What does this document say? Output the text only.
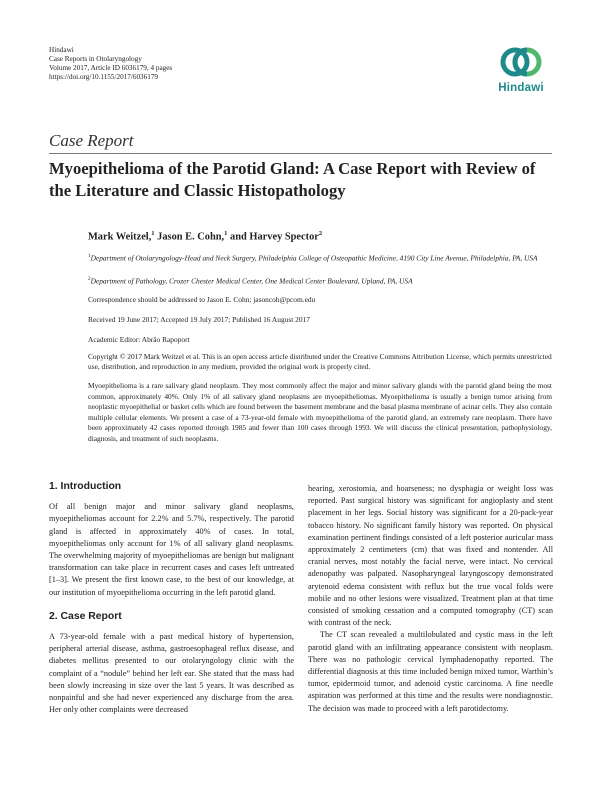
Hindawi
Case Reports in Otolaryngology
Volume 2017, Article ID 6036179, 4 pages
https://doi.org/10.1155/2017/6036179
Hindawi
Case Report
Myoepithelioma of the Parotid Gland: A Case Report with Review of the Literature and Classic Histopathology
Mark Weitzel,$^1$ Jason E. Cohn,$^1$ and Harvey Spector$^2$
$^1$Department of Otolaryngology-Head and Neck Surgery, Philadelphia College of Osteopathic Medicine, 4190 City Line Avenue, Philadelphia, PA, USA
$^2$Department of Pathology, Crozer Chester Medical Center, One Medical Center Boulevard, Upland, PA, USA
Correspondence should be addressed to Jason E. Cohn; jasoncoh@pcom.edu
Received 19 June 2017; Accepted 19 July 2017; Published 16 August 2017
Academic Editor: Abrão Rapoport
Copyright © 2017 Mark Weitzel et al. This is an open access article distributed under the Creative Commons Attribution License, which permits unrestricted use, distribution, and reproduction in any medium, provided the original work is properly cited.

Myoepithelioma is a rare salivary gland neoplasm. They most commonly affect the major and minor salivary glands with the parotid gland being the most common, approximately 40%. Only 1% of all salivary gland neoplasms are myoepitheliomas. Myoepithelioma is usually a benign tumor arising from neoplastic myoepithelial or basket cells which are found between the basement membrane and the basal plasma membrane of acinar cells. They also contain multiple cellular elements. We present a case of a 73-year-old female with myoepithelioma of the parotid gland, an extremely rare neoplasm. There have been approximately 42 cases reported through 1985 and fewer than 100 cases through 1993. We will discuss the clinical presentation, pathophysiology, diagnosis, and treatment of such neoplasms.

1. Introduction

Of all benign major and minor salivary gland neoplasms, myoepitheliomas account for 2.2% and 5.7%, respectively. The parotid gland is affected in approximately 40% of cases. In total, myoepitheliomas only account for 1% of all salivary gland neoplasms. The overwhelming majority of myoepitheliomas are benign but malignant transformation can take place in recurrent cases and cases left untreated [1–3]. We present the first known case, to the best of our knowledge, at our institution of myoepithelioma occurring in the left parotid gland.

2. Case Report

A 73-year-old female with a past medical history of hypertension, peripheral arterial disease, asthma, gastroesophageal reflux disease, and diabetes mellitus presented to our otolaryngology clinic with the complaint of a “nodule” behind her left ear. She stated that the mass had been slowly increasing in size over the last 5 years. It was described as nonpainful and she had never experienced any discharge from the area. Her only other complaints were decreased

hearing, xerostomia, and hoarseness; no dysphagia or weight loss was reported. Past surgical history was significant for angioplasty and stent placement in her legs. Social history was significant for a 20-pack-year tobacco history. No significant family history was reported. On physical examination pertinent findings consisted of a left posterior auricular mass approximately 2 centimeters (cm) that was fixed and nontender. All cranial nerves, most notably the facial nerve, were intact. No cervical adenopathy was palpated. Nasopharyngeal laryngoscopy demonstrated arytenoid edema consistent with reflux but the true vocal folds were mobile and no other lesions were visualized. Treatment plan at that time consisted of smoking cessation and a computed tomography (CT) scan with contrast of the neck.

The CT scan revealed a multilobulated and cystic mass in the left parotid gland with an infiltrating appearance consistent with neoplasm. There was no pathologic cervical lymphadenopathy reported. The differential diagnosis at this time included benign mixed tumor, Warthin’s tumor, epidermoid tumor, and adenoid cystic carcinoma. A fine needle aspiration was performed at this time and the results were nondiagnostic. The decision was made to proceed with a left parotidectomy.
